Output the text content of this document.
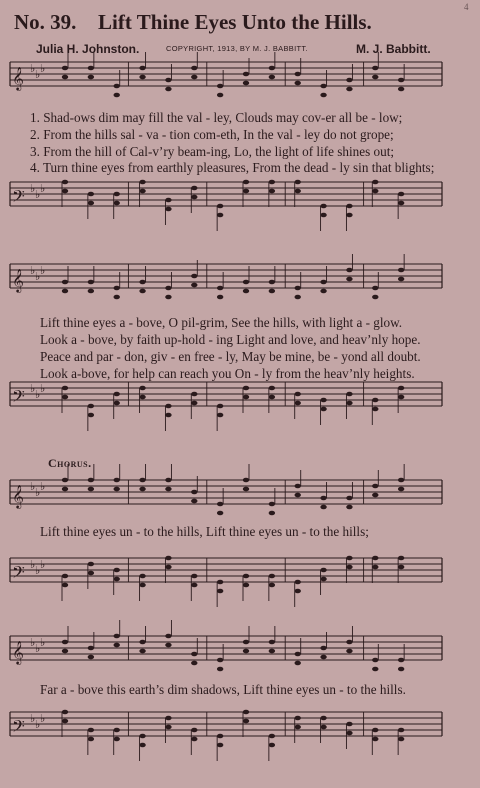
𝄞 ♭ ♭ ♭
𝄢 ♭ ♭ ♭
𝄞 ♭ ♭ ♭
𝄢 ♭ ♭ ♭
𝄞 ♭ ♭ ♭
𝄢 ♭ ♭ ♭
𝄞 ♭ ♭ ♭
𝄢 ♭ ♭ ♭
No. 39. Lift Thine Eyes Unto the Hills.
4
Julia H. Johnston.	COPYRIGHT, 1913, BY M. J. BABBITT.	M. J. Babbitt.
1. Shad-ows dim may fill the val - ley, Clouds may cov-er all be - low;
2. From the hills sal - va - tion com-eth, In the val - ley do not grope;
3. From the hill of Cal-v’ry beam-ing, Lo, the light of life shines out;
4. Turn thine eyes from earthly pleasures, From the dead - ly sin that blights;
Lift thine eyes a - bove, O pil-grim, See the hills, with light a - glow.
Look a - bove, by faith up-hold - ing Light and love, and heav’nly hope.
Peace and par - don, giv - en free - ly, May be mine, be - yond all doubt.
Look a-bove, for help can reach you On - ly from the heav’nly heights.
Chorus.
Lift thine eyes un - to the hills, Lift thine eyes un - to the hills;
Far a - bove this earth’s dim shadows, Lift thine eyes un - to the hills.
